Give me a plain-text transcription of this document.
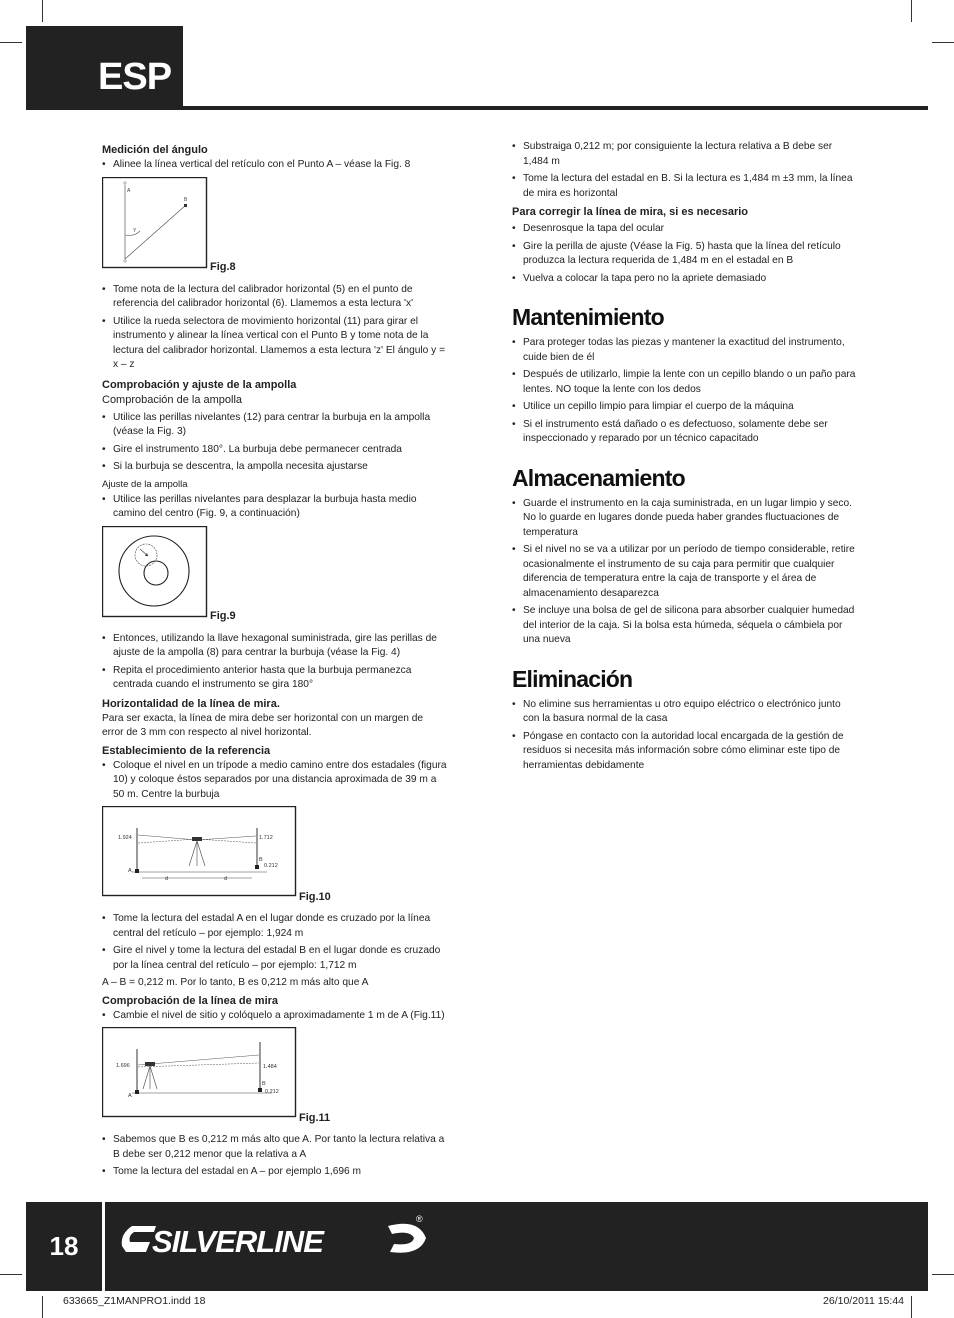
ESP
Medición del ángulo
• Alinee la línea vertical del retículo con el Punto A – véase la Fig. 8
A
B
Y
Fig.8
• Tome nota de la lectura del calibrador horizontal (5) en el punto de referencia del calibrador horizontal (6). Llamemos a esta lectura 'x'
• Utilice la rueda selectora de movimiento horizontal (11) para girar el instrumento y alinear la línea vertical con el Punto B y tome nota de la lectura del calibrador horizontal. Llamemos a esta lectura 'z' El ángulo y = x – z
Comprobación y ajuste de la ampolla
Comprobación de la ampolla
• Utilice las perillas nivelantes (12) para centrar la burbuja en la ampolla (véase la Fig. 3)
• Gire el instrumento 180°. La burbuja debe permanecer centrada
• Si la burbuja se descentra, la ampolla necesita ajustarse
Ajuste de la ampolla
• Utilice las perillas nivelantes para desplazar la burbuja hasta medio camino del centro (Fig. 9, a continuación)
Fig.9
• Entonces, utilizando la llave hexagonal suministrada, gire las perillas de ajuste de la ampolla (8) para centrar la burbuja (véase la Fig. 4)
• Repita el procedimiento anterior hasta que la burbuja permanezca centrada cuando el instrumento se gira 180°
Horizontalidad de la línea de mira.

Para ser exacta, la línea de mira debe ser horizontal con un margen de error de 3 mm con respecto al nivel horizontal.

Establecimiento de la referencia
• Coloque el nivel en un trípode a medio camino entre dos estadales (figura 10) y coloque éstos separados por una distancia aproximada de 39 m a 50 m. Centre la burbuja
1.924	1.712
A
B
0.212
d	d
Fig.10
• Tome la lectura del estadal A en el lugar donde es cruzado por la línea central del retículo – por ejemplo: 1,924 m
• Gire el nivel y tome la lectura del estadal B en el lugar donde es cruzado por la línea central del retículo – por ejemplo: 1,712 m

A – B = 0,212 m. Por lo tanto, B es 0,212 m más alto que A

Comprobación de la línea de mira
• Cambie el nivel de sitio y colóquelo a aproximadamente 1 m de A (Fig.11)
1.696	1.484
A
B
0.212
Fig.11
• Sabemos que B es 0,212 m más alto que A. Por tanto la lectura relativa a B debe ser 0,212 menor que la relativa a A
• Tome la lectura del estadal en A – por ejemplo 1,696 m
• Substraiga 0,212 m; por consiguiente la lectura relativa a B debe ser 1,484 m
• Tome la lectura del estadal en B. Si la lectura es 1,484 m ±3 mm, la línea de mira es horizontal
Para corregir la línea de mira, si es necesario
• Desenrosque la tapa del ocular
• Gire la perilla de ajuste (Véase la Fig. 5) hasta que la línea del retículo produzca la lectura requerida de 1,484 m en el estadal en B
• Vuelva a colocar la tapa pero no la apriete demasiado
Mantenimiento
• Para proteger todas las piezas y mantener la exactitud del instrumento, cuide bien de él
• Después de utilizarlo, limpie la lente con un cepillo blando o un paño para lentes. NO toque la lente con los dedos
• Utilice un cepillo limpio para limpiar el cuerpo de la máquina
• Si el instrumento está dañado o es defectuoso, solamente debe ser inspeccionado y reparado por un técnico capacitado
Almacenamiento
• Guarde el instrumento en la caja suministrada, en un lugar limpio y seco. No lo guarde en lugares donde pueda haber grandes fluctuaciones de temperatura
• Si el nivel no se va a utilizar por un período de tiempo considerable, retire ocasionalmente el instrumento de su caja para permitir que cualquier diferencia de temperatura entre la caja de transporte y el área de almacenamiento desaparezca
• Se incluye una bolsa de gel de silicona para absorber cualquier humedad del interior de la caja. Si la bolsa esta húmeda, séquela o cámbiela por una nueva
Eliminación
• No elimine sus herramientas u otro equipo eléctrico o electrónico junto con la basura normal de la casa
• Póngase en contacto con la autoridad local encargada de la gestión de residuos si necesita más información sobre cómo eliminar este tipo de herramientas debidamente
18	SILVERLINE
®
633665_Z1MANPRO1.indd 18	26/10/2011 15:44
